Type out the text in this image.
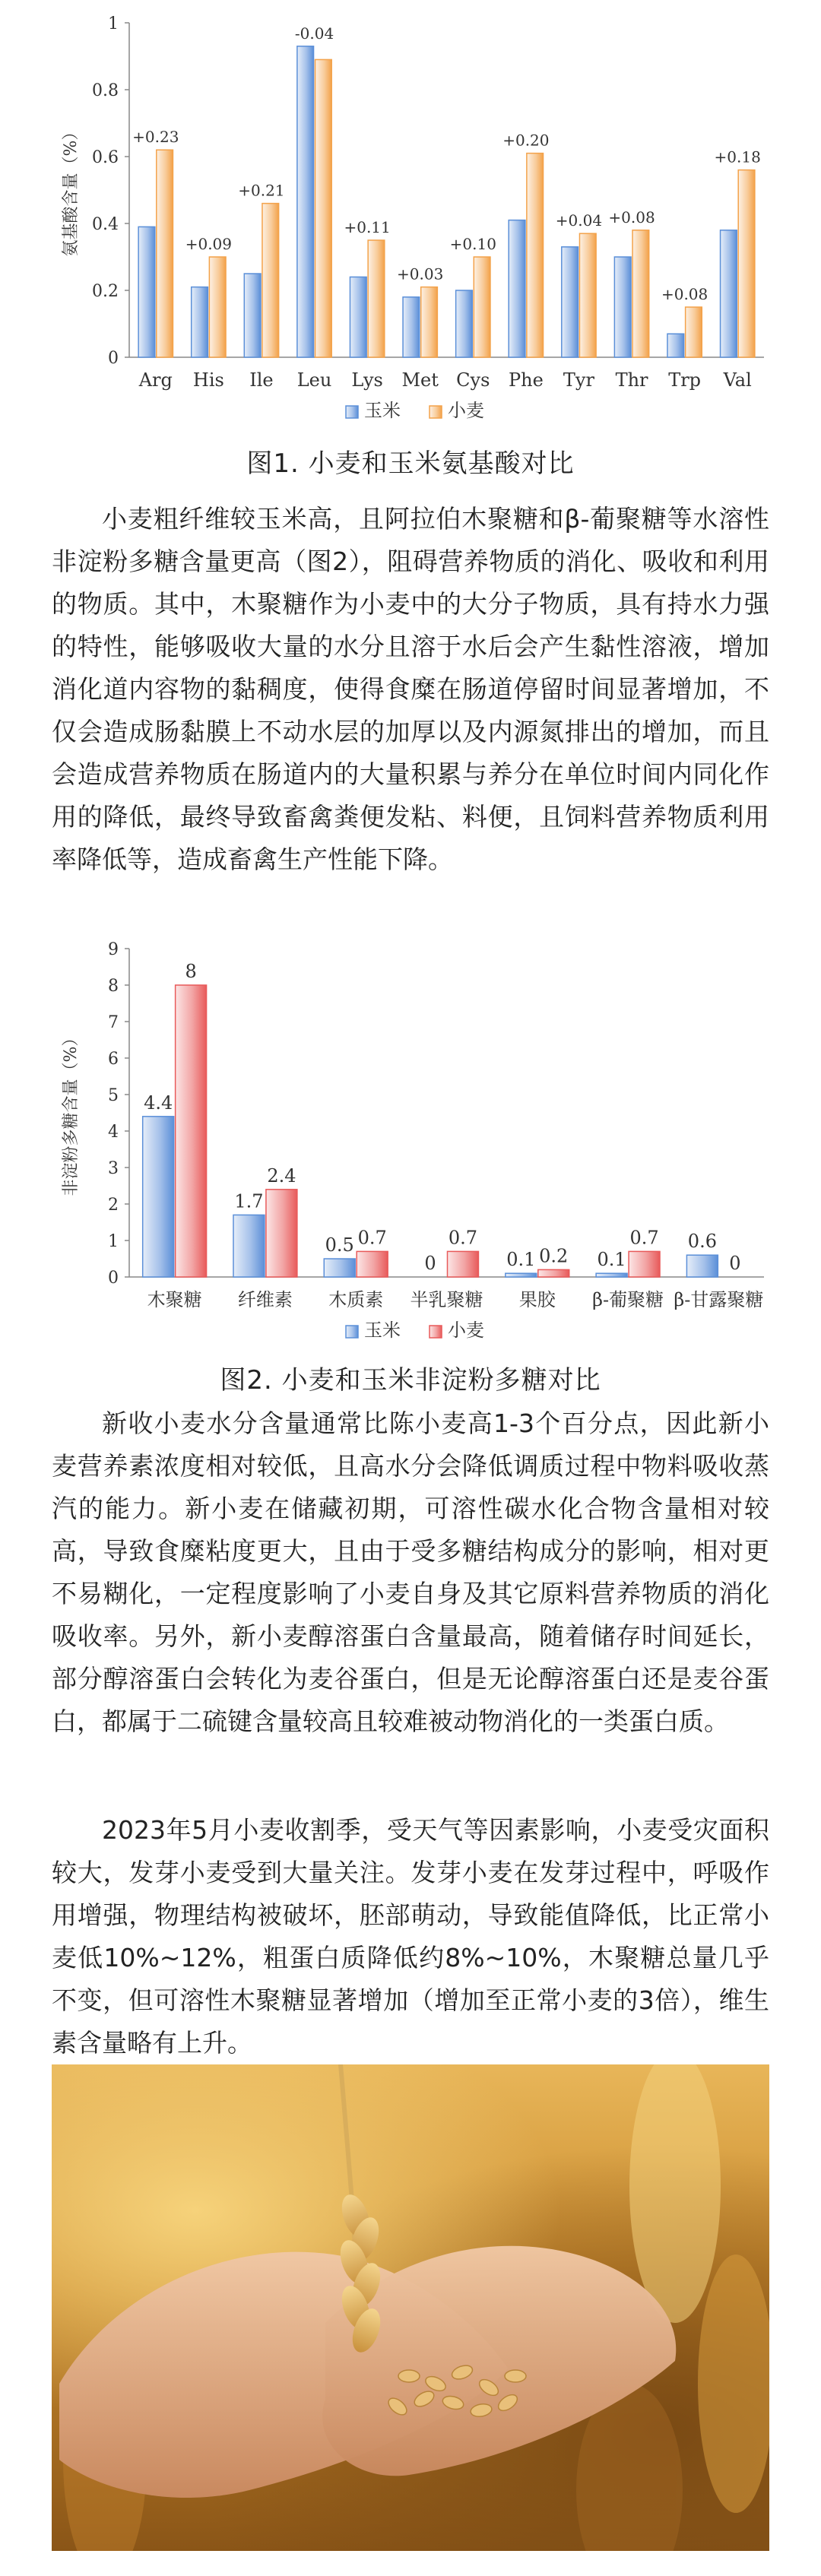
0
0.2
0.4
0.6
0.8
1
氨基酸含量（%）
Arg
+0.23
His
+0.09
Ile
+0.21
Leu
-0.04
Lys
+0.11
Met
+0.03
Cys
+0.10
Phe
+0.20
Tyr
+0.04
Thr
+0.08
Trp
+0.08
Val
+0.18
玉米	小麦
图1. 小麦和玉米氨基酸对比

小麦粗纤维较玉米高，且阿拉伯木聚糖和β-葡聚糖等水溶性非淀粉多糖含量更高（图2），阻碍营养物质的消化、吸收和利用的物质。其中，木聚糖作为小麦中的大分子物质，具有持水力强的特性，能够吸收大量的水分且溶于水后会产生黏性溶液，增加消化道内容物的黏稠度，使得食糜在肠道停留时间显著增加，不仅会造成肠黏膜上不动水层的加厚以及内源氮排出的增加，而且会造成营养物质在肠道内的大量积累与养分在单位时间内同化作用的降低，最终导致畜禽粪便发粘、料便，且饲料营养物质利用率降低等，造成畜禽生产性能下降。

0
1
2
3
4
5
6
7
8
9
非淀粉多糖含量（%）
木聚糖
4.4
8
纤维素
1.7
2.4
木质素
0.5 0.7
半乳聚糖
0
0.7
果胶
0.1 0.2
β-葡聚糖
0.1
0.7
β-甘露聚糖
0.6
0
玉米	小麦
图2. 小麦和玉米非淀粉多糖对比

新收小麦水分含量通常比陈小麦高1-3个百分点，因此新小麦营养素浓度相对较低，且高水分会降低调质过程中物料吸收蒸汽的能力。新小麦在储藏初期，可溶性碳水化合物含量相对较高，导致食糜粘度更大，且由于受多糖结构成分的影响，相对更不易糊化，一定程度影响了小麦自身及其它原料营养物质的消化吸收率。另外，新小麦醇溶蛋白含量最高，随着储存时间延长，部分醇溶蛋白会转化为麦谷蛋白，但是无论醇溶蛋白还是麦谷蛋白，都属于二硫键含量较高且较难被动物消化的一类蛋白质。

2023年5月小麦收割季，受天气等因素影响，小麦受灾面积较大，发芽小麦受到大量关注。发芽小麦在发芽过程中，呼吸作用增强，物理结构被破坏，胚部萌动，导致能值降低，比正常小麦低10%~12%，粗蛋白质降低约8%~10%，木聚糖总量几乎不变，但可溶性木聚糖显著增加（增加至正常小麦的3倍），维生素含量略有上升。
